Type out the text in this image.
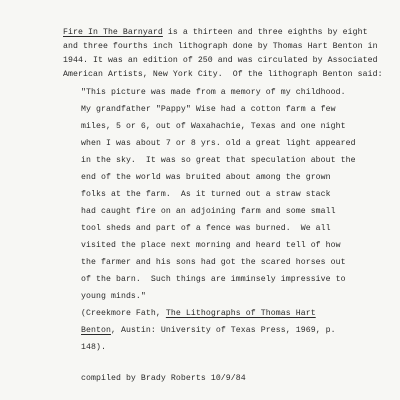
Fire In The Barnyard is a thirteen and three eighths by eight
and three fourths inch lithograph done by Thomas Hart Benton in
1944. It was an edition of 250 and was circulated by Associated
American Artists, New York City.  Of the lithograph Benton said:
"This picture was made from a memory of my childhood.
My grandfather "Pappy" Wise had a cotton farm a few
miles, 5 or 6, out of Waxahachie, Texas and one night
when I was about 7 or 8 yrs. old a great light appeared
in the sky.  It was so great that speculation about the
end of the world was bruited about among the grown
folks at the farm.  As it turned out a straw stack
had caught fire on an adjoining farm and some small
tool sheds and part of a fence was burned.  We all
visited the place next morning and heard tell of how
the farmer and his sons had got the scared horses out
of the barn.  Such things are imminsely impressive to
young minds."
(Creekmore Fath, The Lithographs of Thomas Hart
Benton, Austin: University of Texas Press, 1969, p.
148).
compiled by Brady Roberts 10/9/84
